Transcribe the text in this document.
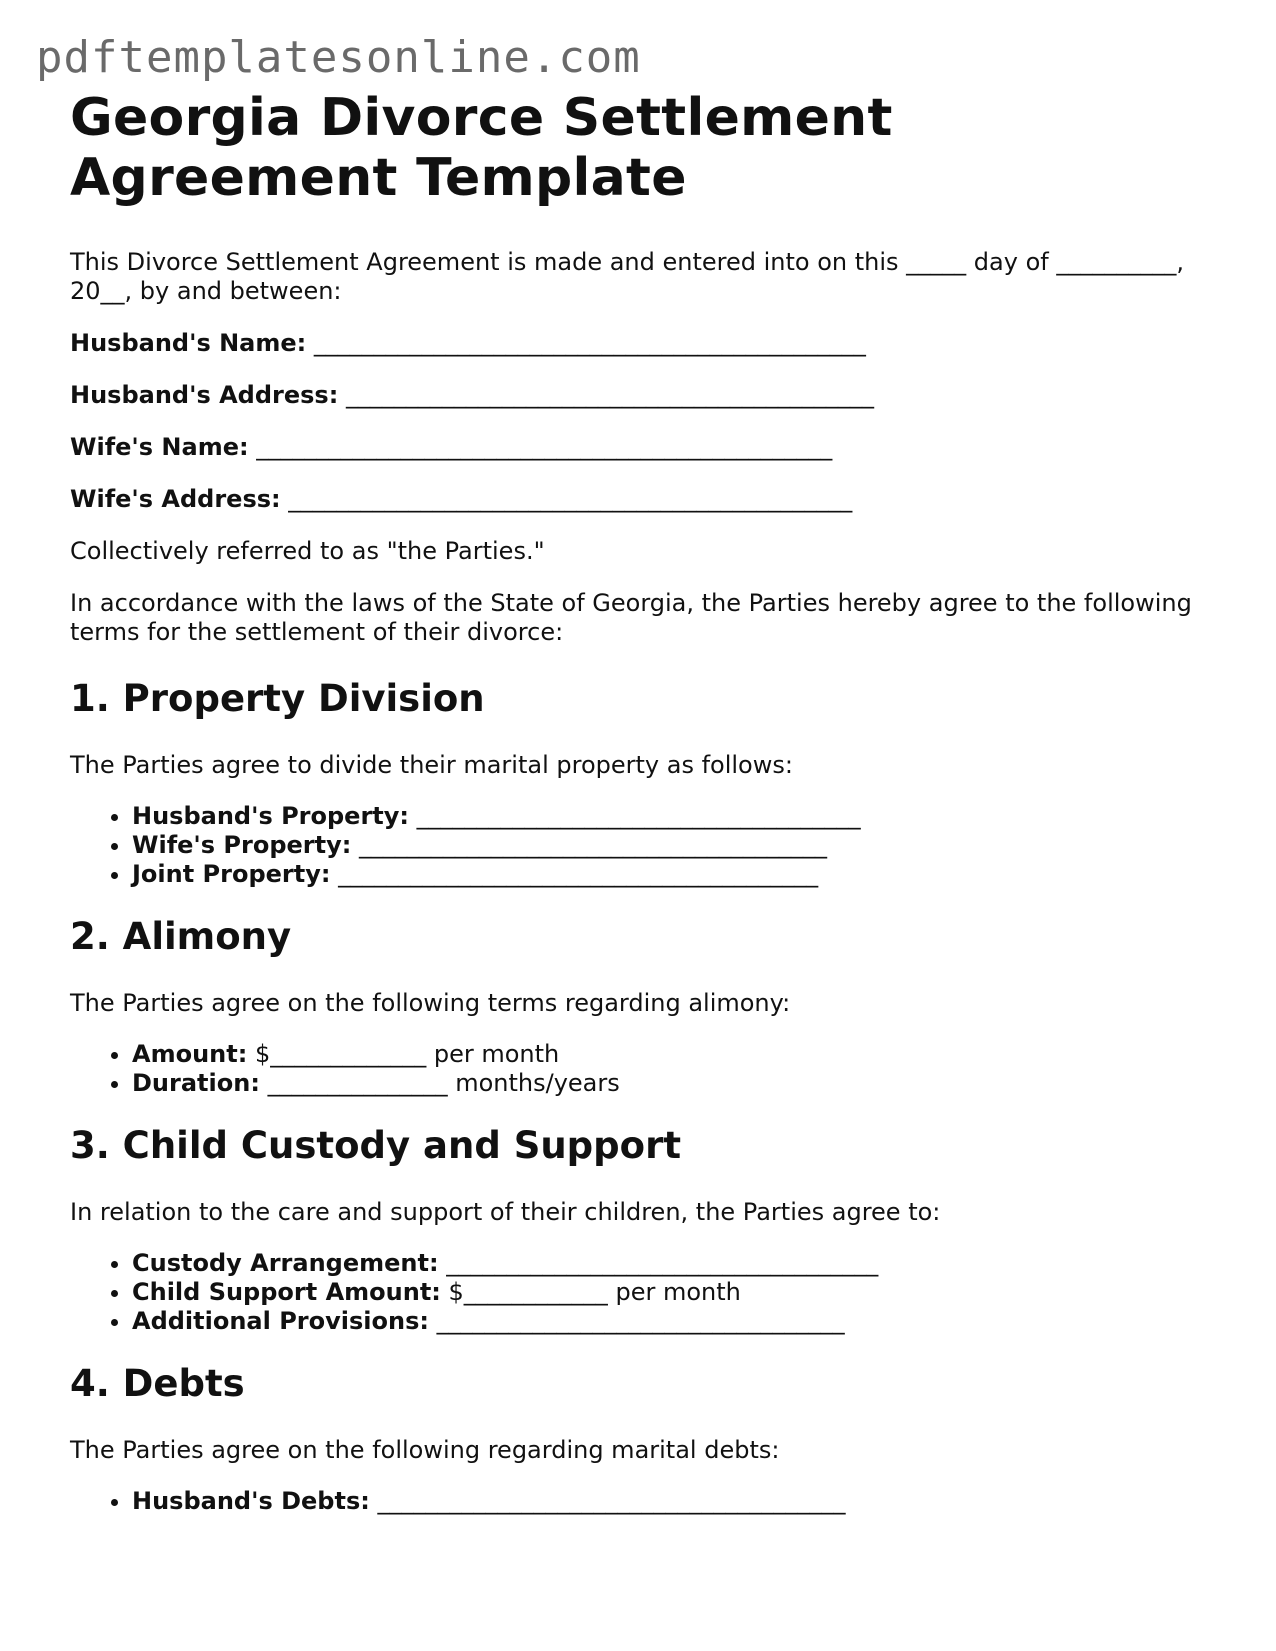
pdftemplatesonline.com
Georgia Divorce Settlement Agreement Template

This Divorce Settlement Agreement is made and entered into on this _____ day of __________, 20__, by and between:

Husband's Name: ______________________________________________
Husband's Address: ____________________________________________
Wife's Name: ________________________________________________
Wife's Address: _______________________________________________

Collectively referred to as "the Parties."

In accordance with the laws of the State of Georgia, the Parties hereby agree to the following terms for the settlement of their divorce:

1. Property Division

The Parties agree to divide their marital property as follows:

• Husband's Property: _____________________________________
• Wife's Property: _______________________________________
• Joint Property: ________________________________________
2. Alimony

The Parties agree on the following terms regarding alimony:

• Amount: $_____________ per month
• Duration: _______________ months/years
3. Child Custody and Support

In relation to the care and support of their children, the Parties agree to:

• Custody Arrangement: ____________________________________
• Child Support Amount: $____________ per month
• Additional Provisions: __________________________________
4. Debts

The Parties agree on the following regarding marital debts:

• Husband's Debts: _______________________________________
